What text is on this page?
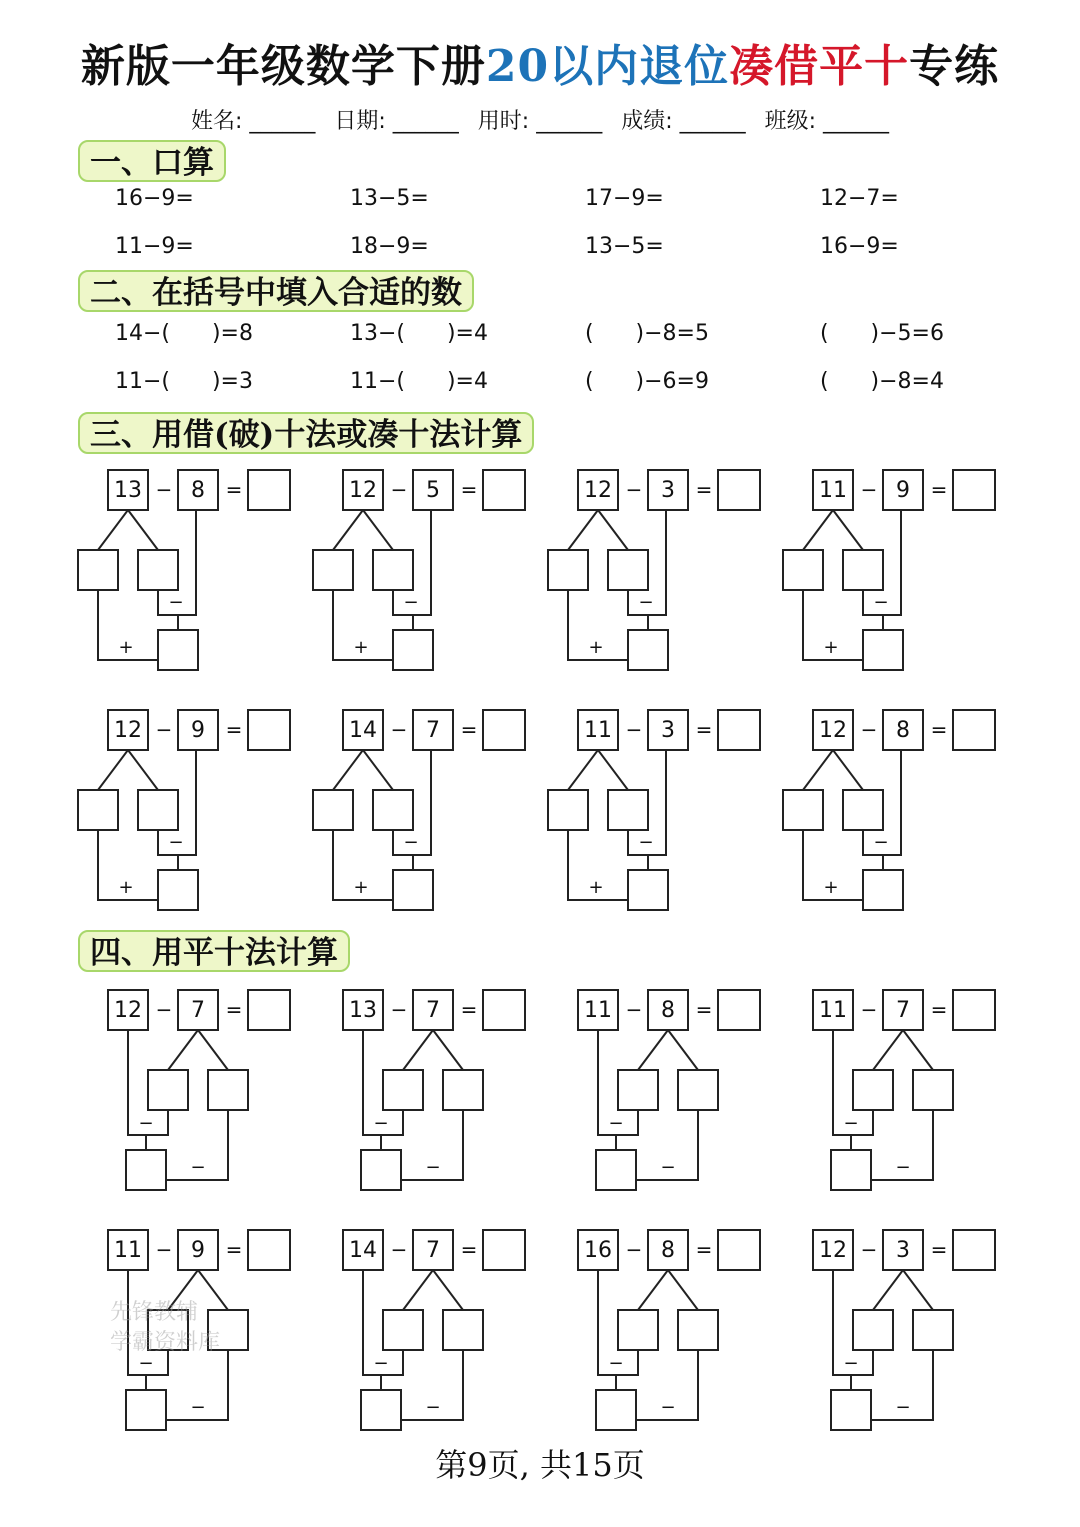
新版一年级数学下册20以内退位凑借平十专练
姓名: ______ 日期: ______ 用时: ______ 成绩: ______ 班级: ______
一、口算
16−9=	13−5=	17−9=	12−7=
11−9=	18−9=	13−5=	16−9=
二、在括号中填入合适的数
14−(      )=8	13−(      )=4	(      )−8=5	(      )−5=6
11−(      )=3	11−(      )=4	(      )−6=9	(      )−8=4
三、用借(破)十法或凑十法计算
四、用平十法计算
13 − 8 =
−
+
12 − 5 =
−
+
12 − 3 =
−
+
11 − 9 =
−
+
12 − 9 =
−
+
14 − 7 =
−
+
11 − 3 =
−
+
12 − 8 =
−
+
12 − 7 =
−
−
13 − 7 =
−
−
11 − 8 =
−
−
11 − 7 =
−
−
11 − 9 =
−
−
14 − 7 =
−
−
16 − 8 =
−
−
12 − 3 =
−
−
先锋教辅
学霸资料库
第9页, 共15页
